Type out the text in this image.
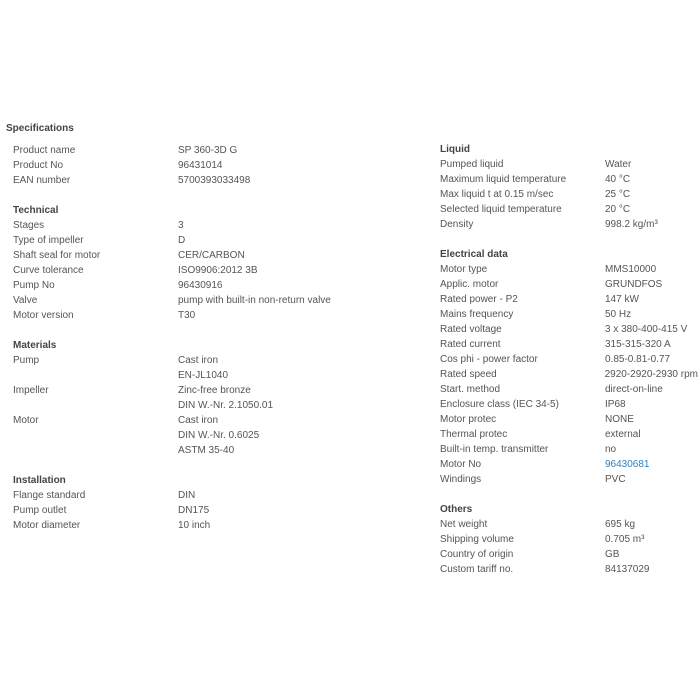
Specifications
Product name	SP 360-3D G
Product No	96431014
EAN number	5700393033498
Technical
Stages	3
Type of impeller	D
Shaft seal for motor	CER/CARBON
Curve tolerance	ISO9906:2012 3B
Pump No	96430916
Valve	pump with built-in non-return valve
Motor version	T30
Materials
Pump	Cast iron
EN-JL1040
Impeller	Zinc-free bronze
DIN W.-Nr. 2.1050.01
Motor	Cast iron
DIN W.-Nr. 0.6025
ASTM 35-40
Installation
Flange standard	DIN
Pump outlet	DN175
Motor diameter	10 inch
Liquid
Pumped liquid	Water
Maximum liquid temperature	40 °C
Max liquid t at 0.15 m/sec	25 °C
Selected liquid temperature	20 °C
Density	998.2 kg/m³
Electrical data
Motor type	MMS10000
Applic. motor	GRUNDFOS
Rated power - P2	147 kW
Mains frequency	50 Hz
Rated voltage	3 x 380-400-415 V
Rated current	315-315-320 A
Cos phi - power factor	0.85-0.81-0.77
Rated speed	2920-2920-2930 rpm
Start. method	direct-on-line
Enclosure class (IEC 34-5)	IP68
Motor protec	NONE
Thermal protec	external
Built-in temp. transmitter	no
Motor No	96430681
Windings	PVC
Others
Net weight	695 kg
Shipping volume	0.705 m³
Country of origin	GB
Custom tariff no.	84137029
